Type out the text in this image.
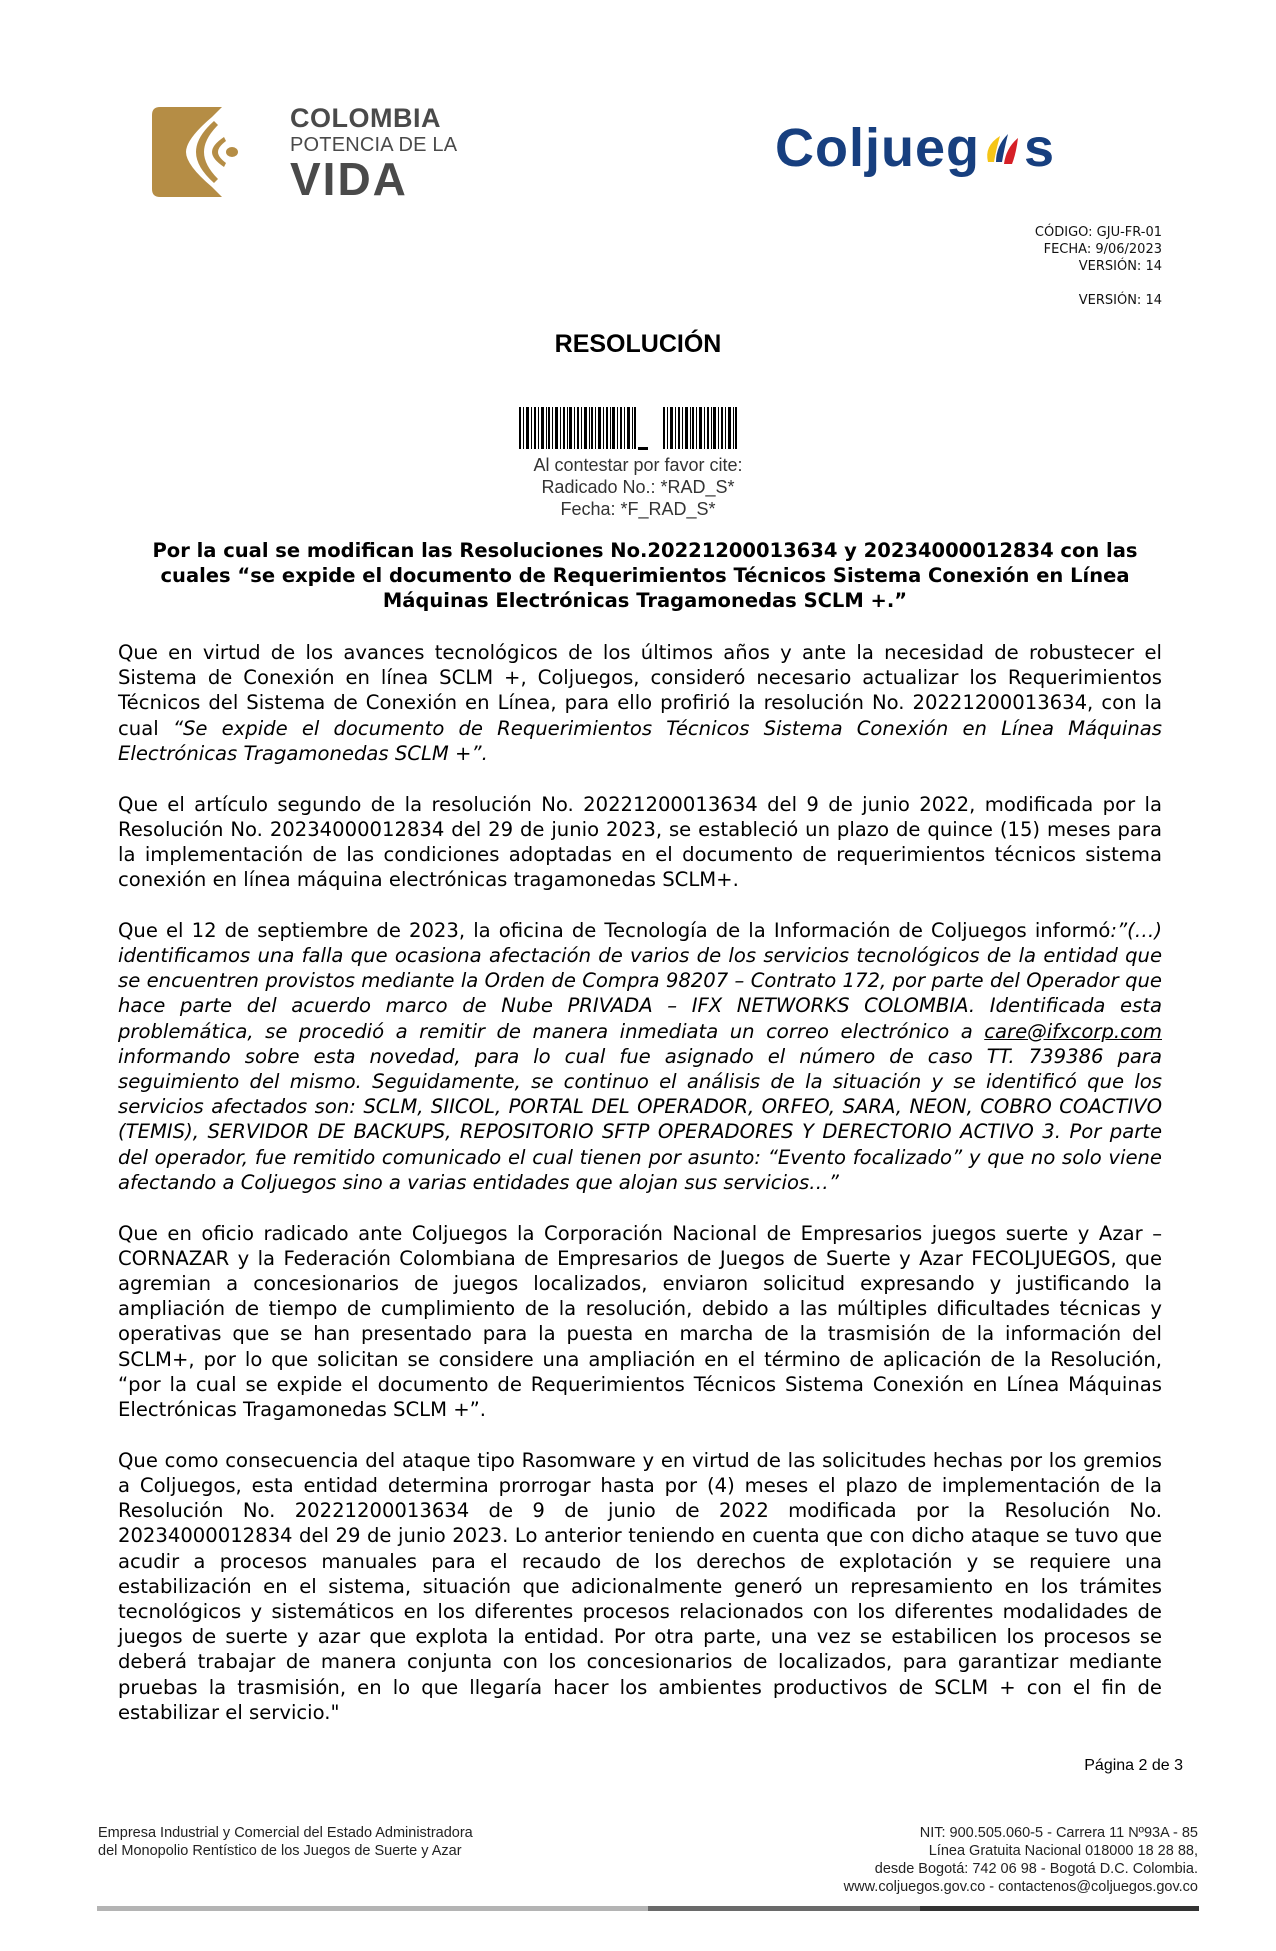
COLOMBIA
POTENCIA DE LA
VIDA
Coljueg s
CÓDIGO: GJU-FR-01
FECHA: 9/06/2023
VERSIÓN: 14
VERSIÓN: 14
RESOLUCIÓN
Al contestar por favor cite:
Radicado No.: *RAD_S*
Fecha: *F_RAD_S*
Por la cual se modifican las Resoluciones No.20221200013634 y 20234000012834 con las cuales “se expide el documento de Requerimientos Técnicos Sistema Conexión en Línea Máquinas Electrónicas Tragamonedas SCLM +.”

Que en virtud de los avances tecnológicos de los últimos años y ante la necesidad de robustecer el Sistema de Conexión en línea SCLM +, Coljuegos, consideró necesario actualizar los Requerimientos Técnicos del Sistema de Conexión en Línea, para ello profirió la resolución No. 20221200013634, con la cual “Se expide el documento de Requerimientos Técnicos Sistema Conexión en Línea Máquinas Electrónicas Tragamonedas SCLM +”.

Que el artículo segundo de la resolución No. 20221200013634 del 9 de junio 2022, modificada por la Resolución No. 20234000012834 del 29 de junio 2023, se estableció un plazo de quince (15) meses para la implementación de las condiciones adoptadas en el documento de requerimientos técnicos sistema conexión en línea máquina electrónicas tragamonedas SCLM+.

Que el 12 de septiembre de 2023, la oficina de Tecnología de la Información de Coljuegos informó:”(…) identificamos una falla que ocasiona afectación de varios de los servicios tecnológicos de la entidad que se encuentren provistos mediante la Orden de Compra 98207 – Contrato 172, por parte del Operador que hace parte del acuerdo marco de Nube PRIVADA – IFX NETWORKS COLOMBIA. Identificada esta problemática, se procedió a remitir de manera inmediata un correo electrónico a care@ifxcorp.com informando sobre esta novedad, para lo cual fue asignado el número de caso TT. 739386 para seguimiento del mismo. Seguidamente, se continuo el análisis de la situación y se identificó que los servicios afectados son: SCLM, SIICOL, PORTAL DEL OPERADOR, ORFEO, SARA, NEON, COBRO COACTIVO (TEMIS), SERVIDOR DE BACKUPS, REPOSITORIO SFTP OPERADORES Y DERECTORIO ACTIVO 3. Por parte del operador, fue remitido comunicado el cual tienen por asunto: “Evento focalizado” y que no solo viene afectando a Coljuegos sino a varias entidades que alojan sus servicios…”

Que en oficio radicado ante Coljuegos la Corporación Nacional de Empresarios juegos suerte y Azar – CORNAZAR y la Federación Colombiana de Empresarios de Juegos de Suerte y Azar FECOLJUEGOS, que agremian a concesionarios de juegos localizados, enviaron solicitud expresando y justificando la ampliación de tiempo de cumplimiento de la resolución, debido a las múltiples dificultades técnicas y operativas que se han presentado para la puesta en marcha de la trasmisión de la información del SCLM+, por lo que solicitan se considere una ampliación en el término de aplicación de la Resolución, “por la cual se expide el documento de Requerimientos Técnicos Sistema Conexión en Línea Máquinas Electrónicas Tragamonedas SCLM +”.

Que como consecuencia del ataque tipo Rasomware y en virtud de las solicitudes hechas por los gremios a Coljuegos, esta entidad determina prorrogar hasta por (4) meses el plazo de implementación de la Resolución No. 20221200013634 de 9 de junio de 2022 modificada por la Resolución No. 20234000012834 del 29 de junio 2023. Lo anterior teniendo en cuenta que con dicho ataque se tuvo que acudir a procesos manuales para el recaudo de los derechos de explotación y se requiere una estabilización en el sistema, situación que adicionalmente generó un represamiento en los trámites tecnológicos y sistemáticos en los diferentes procesos relacionados con los diferentes modalidades de juegos de suerte y azar que explota la entidad. Por otra parte, una vez se estabilicen los procesos se deberá trabajar de manera conjunta con los concesionarios de localizados, para garantizar mediante pruebas la trasmisión, en lo que llegaría hacer los ambientes productivos de SCLM + con el fin de estabilizar el servicio."

Página 2 de 3
Empresa Industrial y Comercial del Estado Administradora
del Monopolio Rentístico de los Juegos de Suerte y Azar
NIT: 900.505.060-5 - Carrera 11 Nº93A - 85
Línea Gratuita Nacional 018000 18 28 88,
desde Bogotá: 742 06 98 - Bogotá D.C. Colombia.
www.coljuegos.gov.co - contactenos@coljuegos.gov.co
